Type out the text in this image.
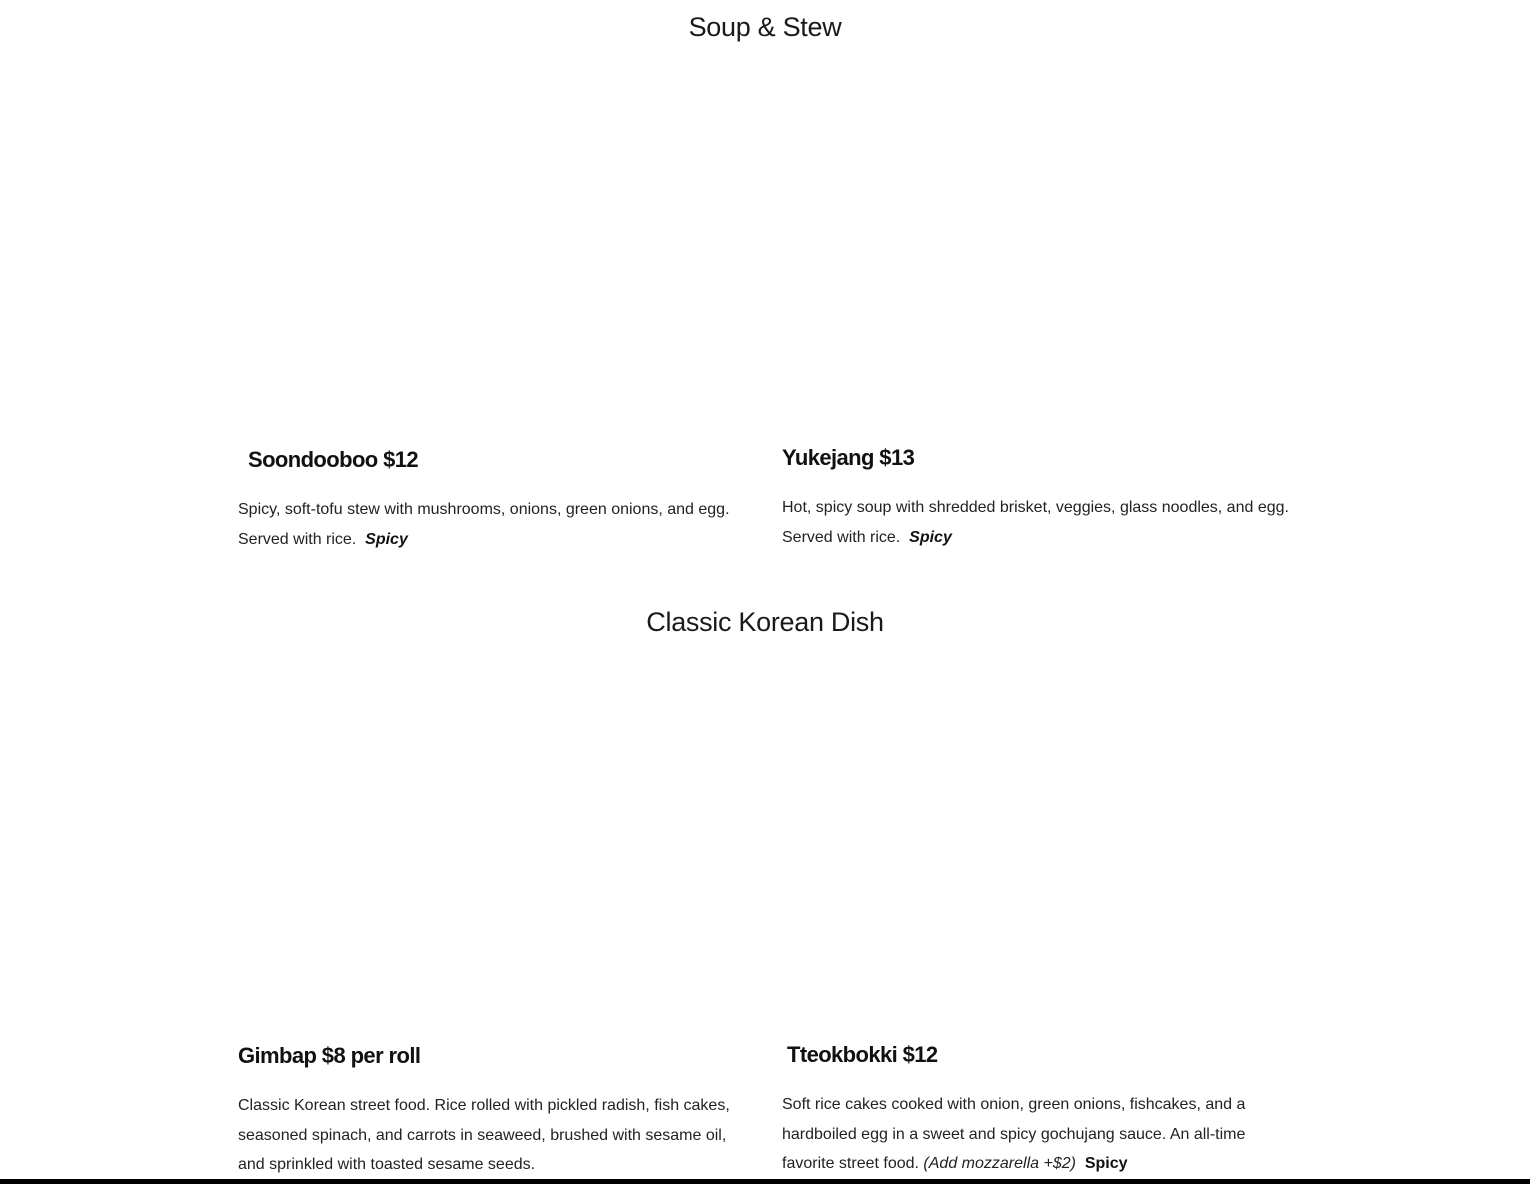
Soup & Stew
Soondooboo $12

Spicy, soft-tofu stew with mushrooms, onions, green onions, and egg. Served with rice. Spicy

Yukejang $13

Hot, spicy soup with shredded brisket, veggies, glass noodles, and egg. Served with rice. Spicy

Classic Korean Dish
Gimbap $8 per roll

Classic Korean street food. Rice rolled with pickled radish, fish cakes, seasoned spinach, and carrots in seaweed, brushed with sesame oil, and sprinkled with toasted sesame seeds.

Tteokbokki $12

Soft rice cakes cooked with onion, green onions, fishcakes, and a hardboiled egg in a sweet and spicy gochujang sauce. An all-time favorite street food. (Add mozzarella +$2) Spicy
